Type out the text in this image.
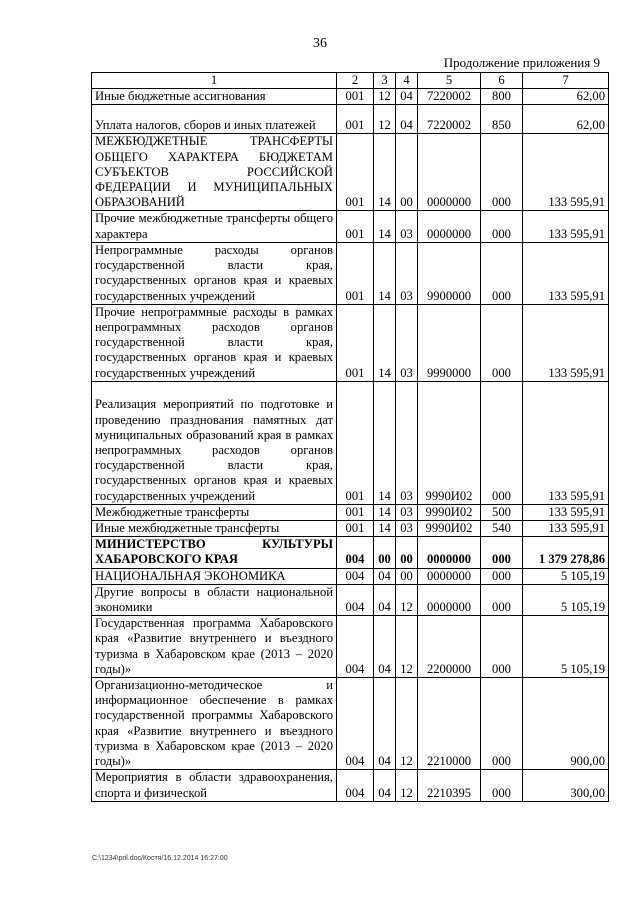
36
Продолжение приложения 9
1	2	3	4	5	6	7
Иные бюджетные ассигнования	001	12	04	7220002	800	62,00
Уплата налогов, сборов и иных платежей	001	12	04	7220002	850	62,00
МЕЖБЮДЖЕТНЫЕ ТРАНСФЕРТЫ ОБЩЕГО ХАРАКТЕРА БЮДЖЕТАМ СУБЪЕКТОВ РОССИЙСКОЙ ФЕДЕРАЦИИ И МУНИЦИПАЛЬНЫХ ОБРАЗОВАНИЙ	001	14	00	0000000	000	133 595,91
Прочие межбюджетные трансферты общего характера	001	14	03	0000000	000	133 595,91
Непрограммные расходы органов государственной власти края, государственных органов края и краевых государственных учреждений	001	14	03	9900000	000	133 595,91
Прочие непрограммные расходы в рамках непрограммных расходов органов государственной власти края, государственных органов края и краевых государственных учреждений	001	14	03	9990000	000	133 595,91
Реализация мероприятий по подготовке и проведению празднования памятных дат муниципальных образований края в рамках непрограммных расходов органов государственной власти края, государственных органов края и краевых государственных учреждений	001	14	03	9990И02	000	133 595,91
Межбюджетные трансферты	001	14	03	9990И02	500	133 595,91
Иные межбюджетные трансферты	001	14	03	9990И02	540	133 595,91
МИНИСТЕРСТВО КУЛЬТУРЫ ХАБАРОВСКОГО КРАЯ	004	00	00	0000000	000	1 379 278,86
НАЦИОНАЛЬНАЯ ЭКОНОМИКА	004	04	00	0000000	000	5 105,19
Другие вопросы в области национальной экономики	004	04	12	0000000	000	5 105,19
Государственная программа Хабаровского края «Развитие внутреннего и въездного туризма в Хабаровском крае (2013 – 2020 годы)»	004	04	12	2200000	000	5 105,19
Организационно-методическое и информационное обеспечение в рамках государственной программы Хабаровского края «Развитие внутреннего и въездного туризма в Хабаровском крае (2013 – 2020 годы)»	004	04	12	2210000	000	900,00
Мероприятия в области здравоохранения, спорта и физической	004	04	12	2210395	000	300,00
C:\1234\pril.doc/Костя/16.12.2014 16:27:00
